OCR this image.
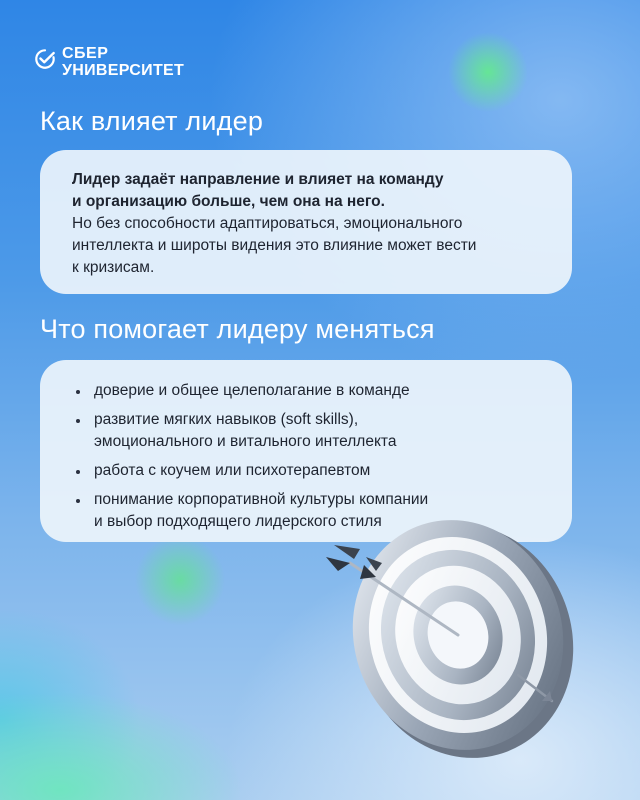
СБЕР
УНИВЕРСИТЕТ
Как влияет лидер
Лидер задаёт направление и влияет на команду
и организацию больше, чем она на него.
Но без способности адаптироваться, эмоционального
интеллекта и широты видения это влияние может вести
к кризисам.
Что помогает лидеру меняться
доверие и общее целеполагание в команде
развитие мягких навыков (soft skills),
эмоционального и витального интеллекта
работа с коучем или психотерапевтом
понимание корпоративной культуры компании
и выбор подходящего лидерского стиля
